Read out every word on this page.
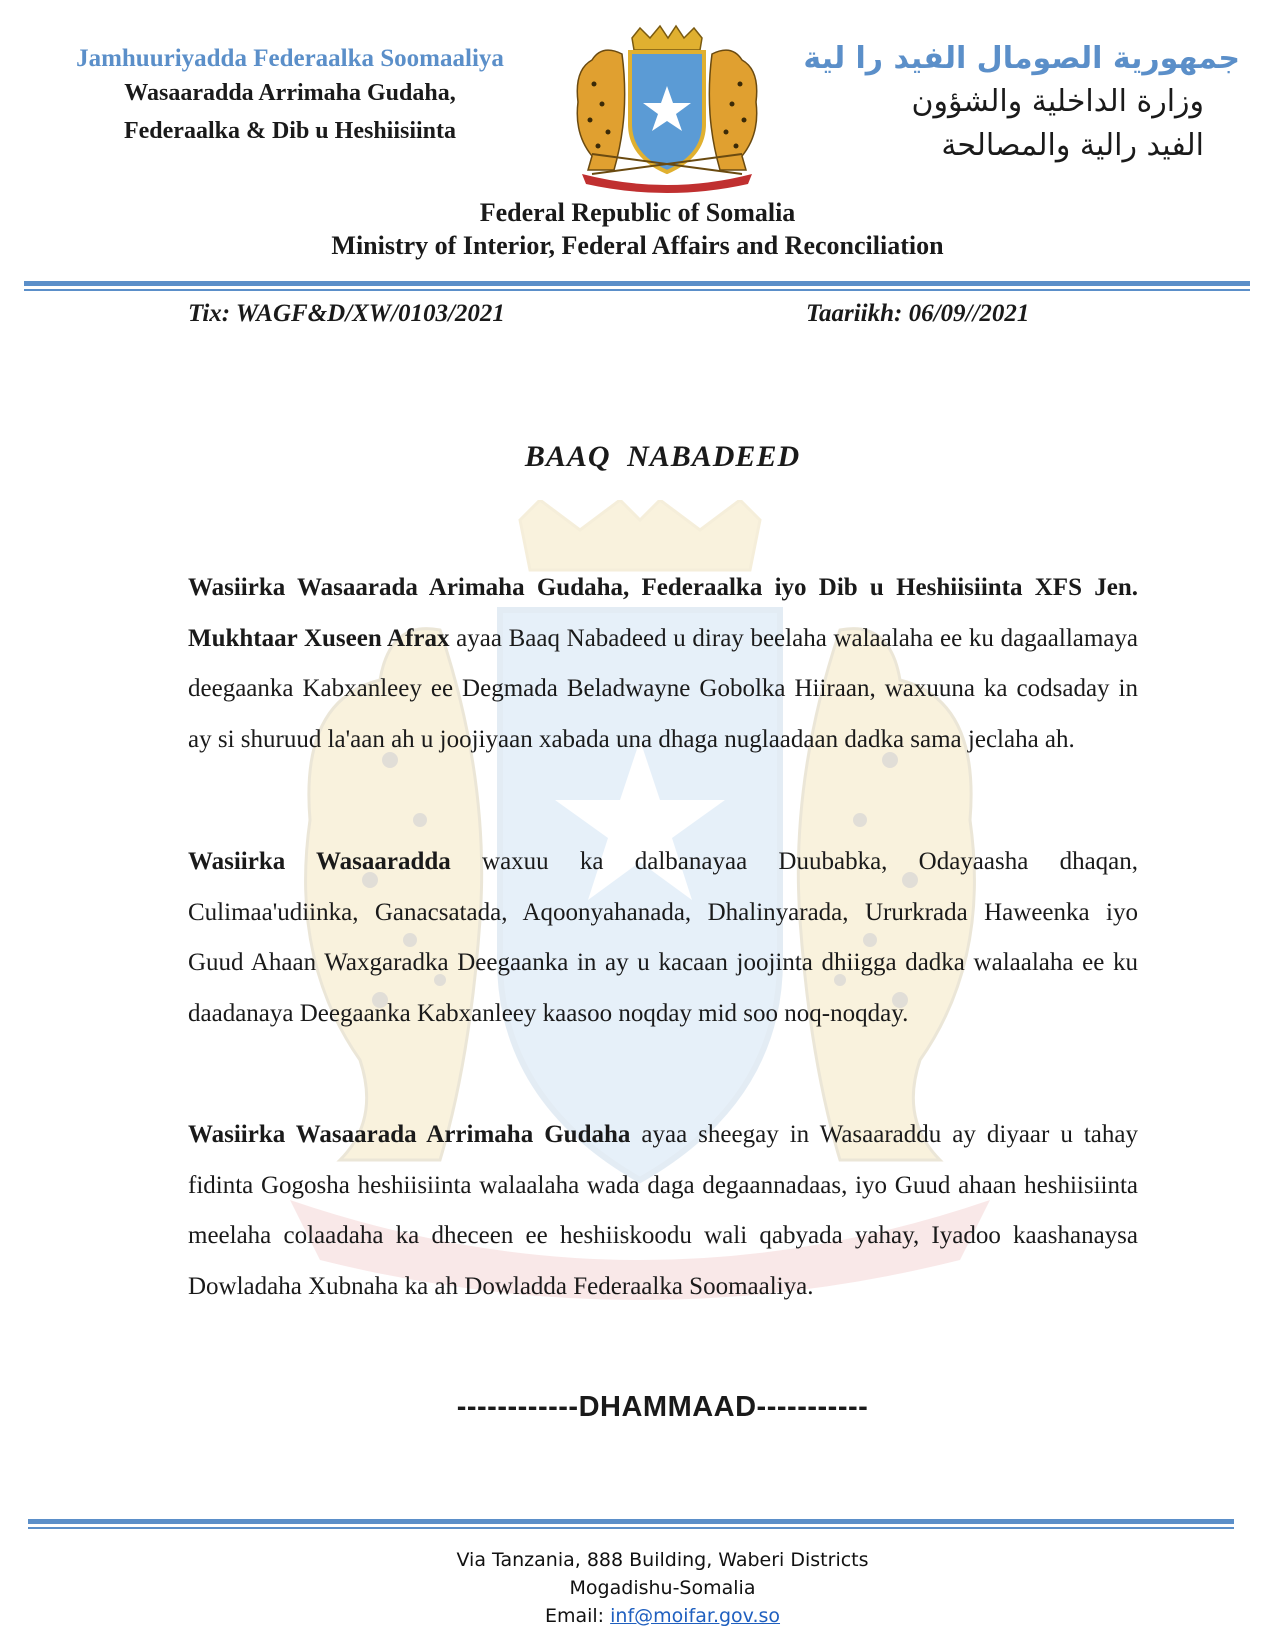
Jamhuuriyadda Federaalka Soomaaliya
Wasaaradda Arrimaha Gudaha,
Federaalka & Dib u Heshiisiinta
جمهورية الصومال الفيد را لية
وزارة الداخلية والشؤون
الفيد رالية والمصالحة
Federal Republic of Somalia
Ministry of Interior, Federal Affairs and Reconciliation
Tix: WAGF&D/XW/0103/2021	Taariikh: 06/09//2021
BAAQ NABADEED

Wasiirka Wasaarada Arimaha Gudaha, Federaalka iyo Dib u Heshiisiinta XFS Jen. Mukhtaar Xuseen Afrax ayaa Baaq Nabadeed u diray beelaha walaalaha ee ku dagaallamaya deegaanka Kabxanleey ee Degmada Beladwayne Gobolka Hiiraan, waxuuna ka codsaday in ay si shuruud la'aan ah u joojiyaan xabada una dhaga nuglaadaan dadka sama jeclaha ah.

Wasiirka Wasaaradda waxuu ka dalbanayaa Duubabka, Odayaasha dhaqan, Culimaa'udiinka, Ganacsatada, Aqoonyahanada, Dhalinyarada, Ururkrada Haweenka iyo Guud Ahaan Waxgaradka Deegaanka in ay u kacaan joojinta dhiigga dadka walaalaha ee ku daadanaya Deegaanka Kabxanleey kaasoo noqday mid soo noq-noqday.

Wasiirka Wasaarada Arrimaha Gudaha ayaa sheegay in Wasaaraddu ay diyaar u tahay fidinta Gogosha heshiisiinta walaalaha wada daga degaannadaas, iyo Guud ahaan heshiisiinta meelaha colaadaha ka dheceen ee heshiiskoodu wali qabyada yahay, Iyadoo kaashanaysa Dowladaha Xubnaha ka ah Dowladda Federaalka Soomaaliya.

------------DHAMMAAD-----------
Via Tanzania, 888 Building, Waberi Districts
Mogadishu-Somalia
Email: inf@moifar.gov.so
